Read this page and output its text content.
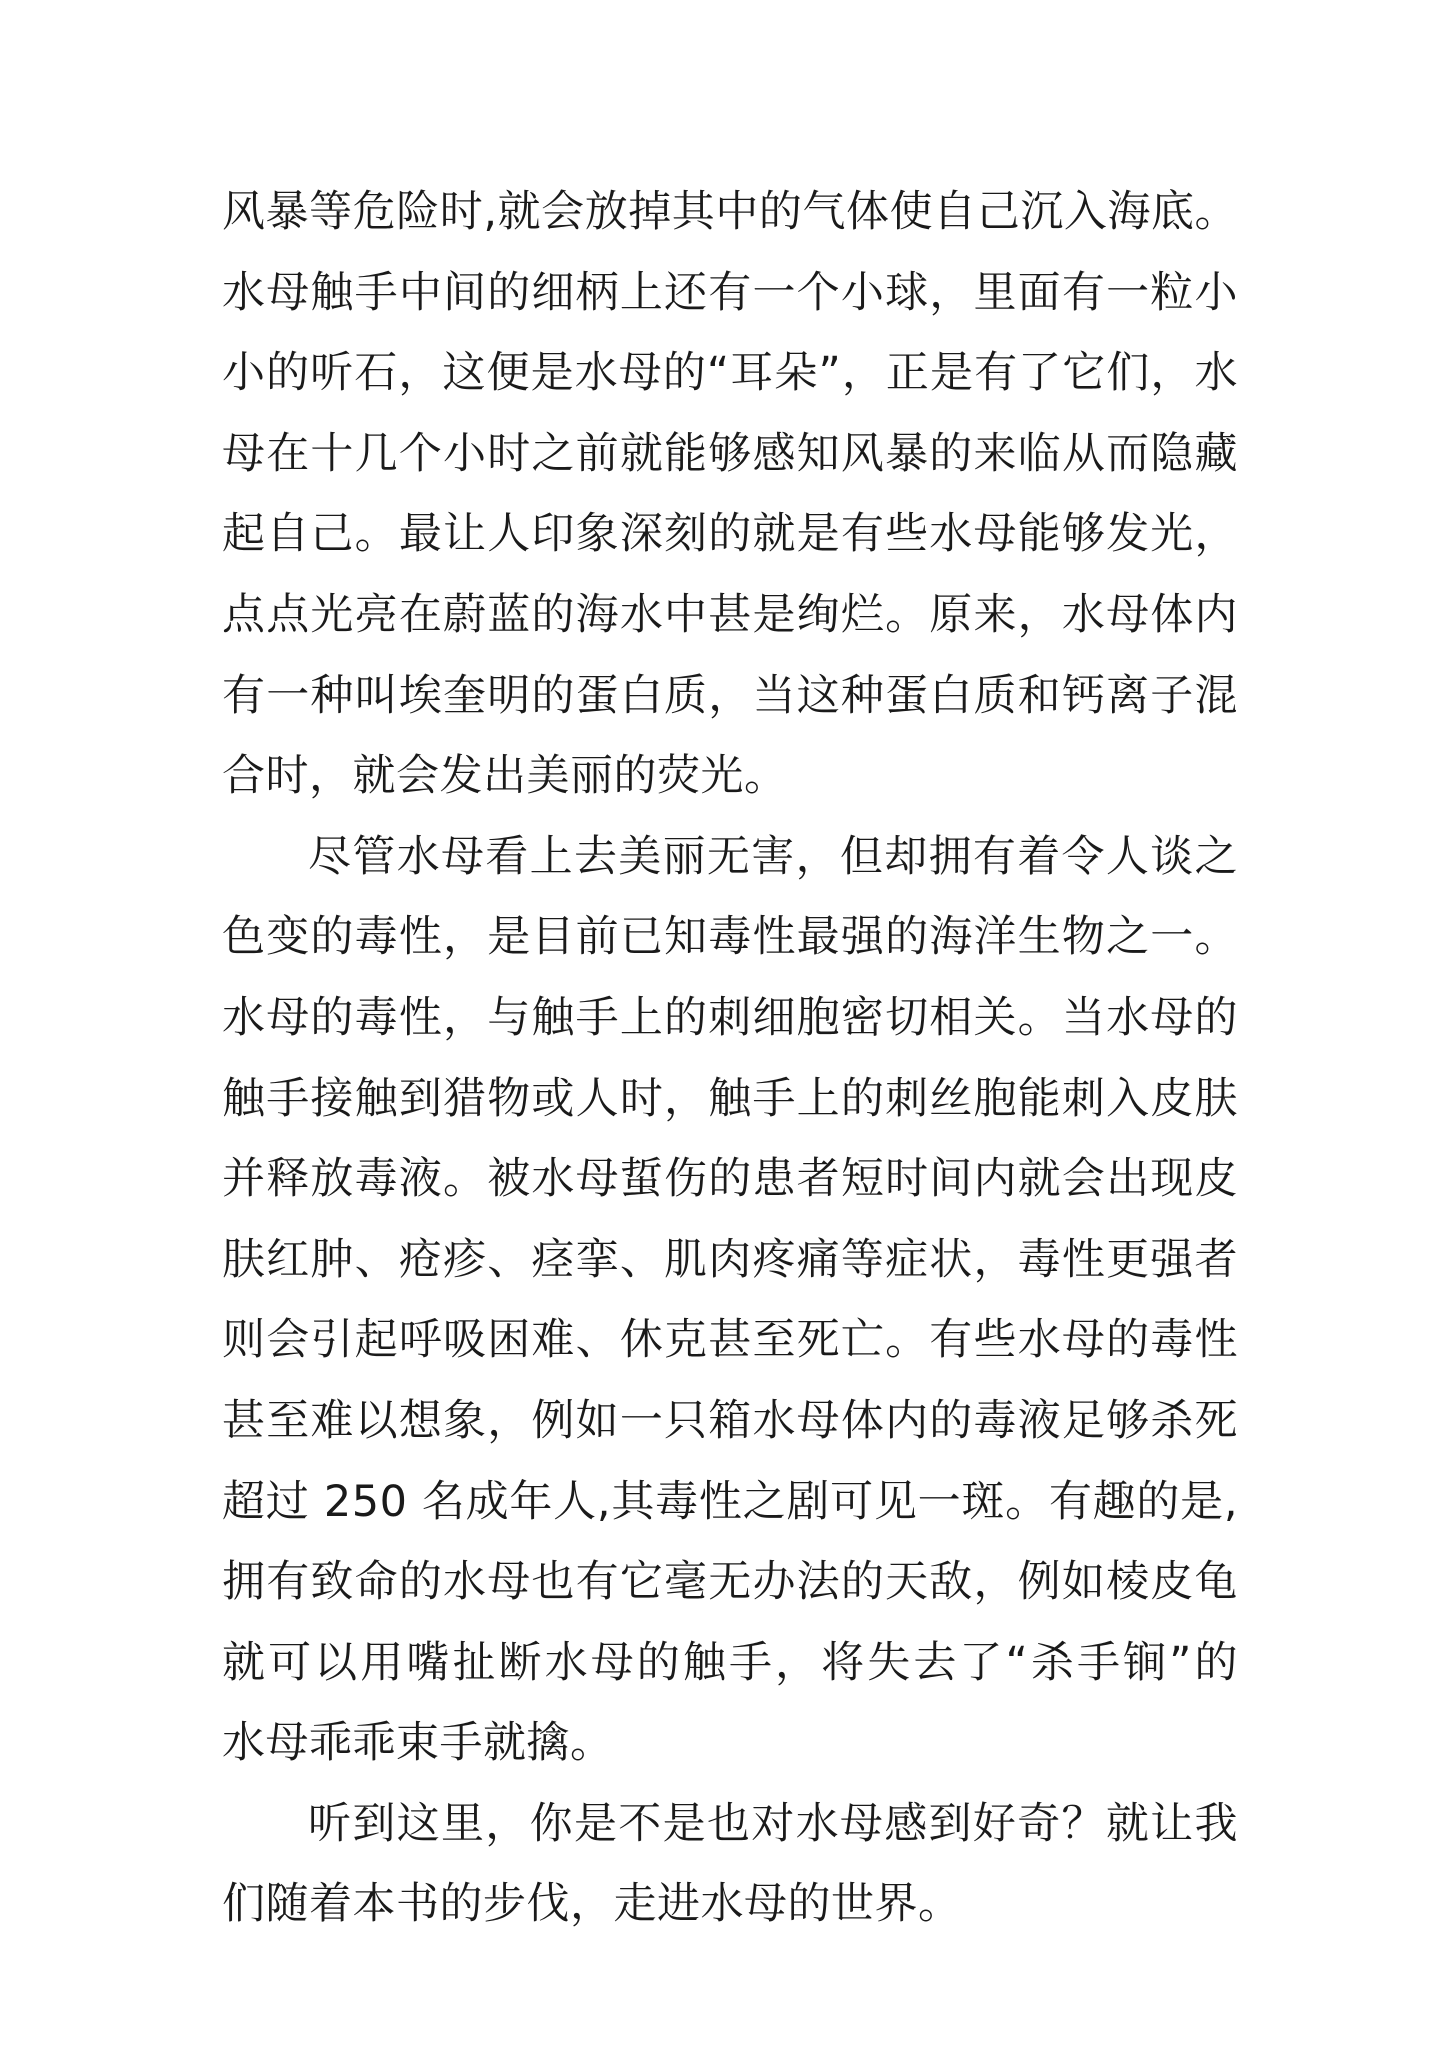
风暴等危险时,就会放掉其中的气体使自己沉入海底。
水母触手中间的细柄上还有一个小球，里面有一粒小
小的听石，这便是水母的“耳朵”，正是有了它们，水
母在十几个小时之前就能够感知风暴的来临从而隐藏
起自己。最让人印象深刻的就是有些水母能够发光，
点点光亮在蔚蓝的海水中甚是绚烂。原来，水母体内
有一种叫埃奎明的蛋白质，当这种蛋白质和钙离子混
合时，就会发出美丽的荧光。
尽管水母看上去美丽无害，但却拥有着令人谈之
色变的毒性，是目前已知毒性最强的海洋生物之一。
水母的毒性，与触手上的刺细胞密切相关。当水母的
触手接触到猎物或人时，触手上的刺丝胞能刺入皮肤
并释放毒液。被水母蜇伤的患者短时间内就会出现皮
肤红肿、疮疹、痉挛、肌肉疼痛等症状，毒性更强者
则会引起呼吸困难、休克甚至死亡。有些水母的毒性
甚至难以想象，例如一只箱水母体内的毒液足够杀死
超过 250 名成年人,其毒性之剧可见一斑。有趣的是,
拥有致命的水母也有它毫无办法的天敌，例如棱皮龟
就可以用嘴扯断水母的触手，将失去了“杀手锏”的
水母乖乖束手就擒。
听到这里，你是不是也对水母感到好奇？就让我
们随着本书的步伐，走进水母的世界。
